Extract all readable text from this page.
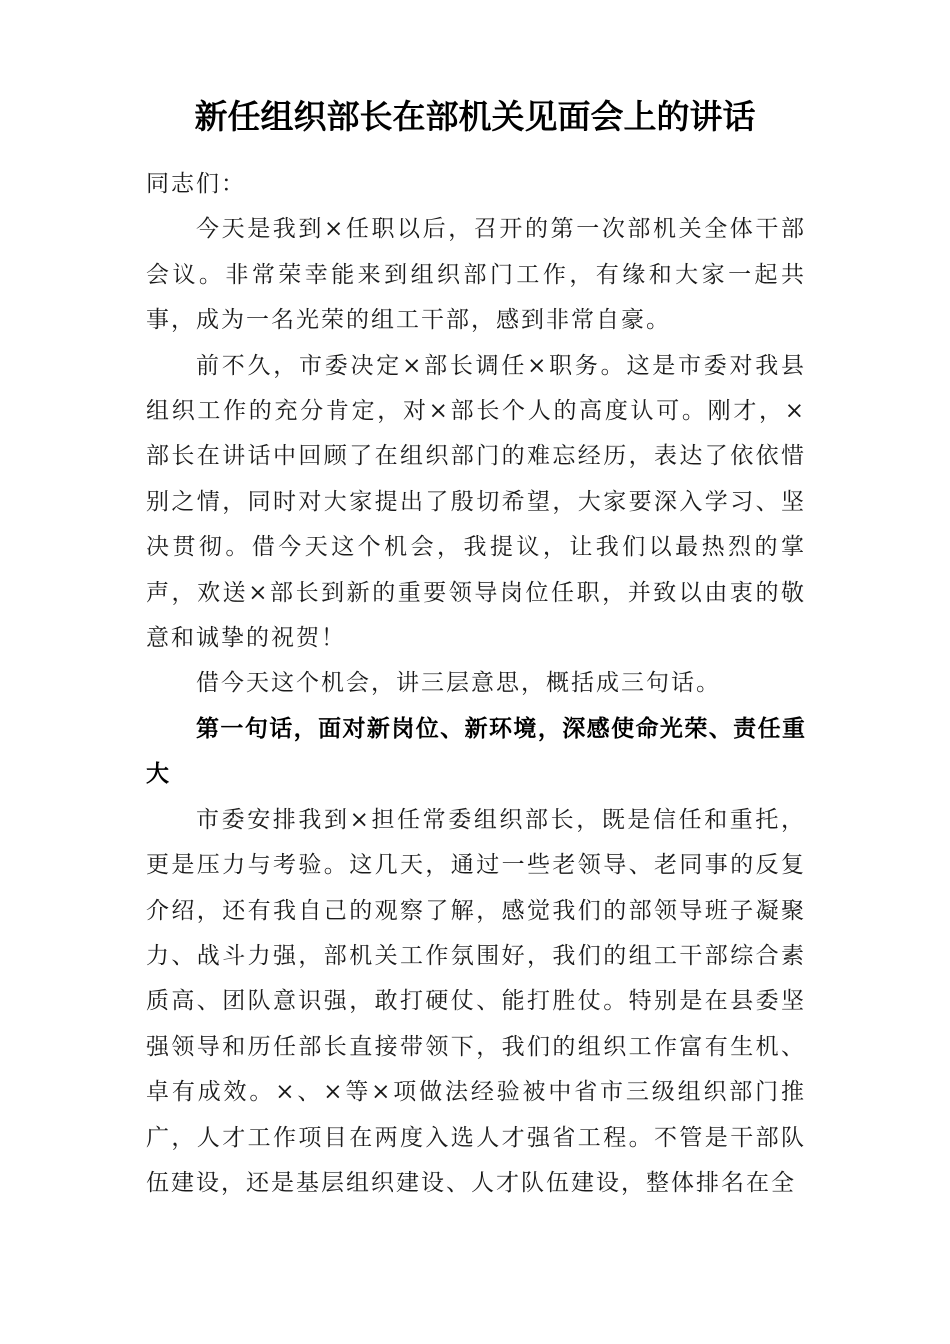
新任组织部长在部机关见面会上的讲话

同志们：

今天是我到×任职以后，召开的第一次部机关全体干部会议。非常荣幸能来到组织部门工作，有缘和大家一起共事，成为一名光荣的组工干部，感到非常自豪。

前不久，市委决定×部长调任×职务。这是市委对我县组织工作的充分肯定，对×部长个人的高度认可。刚才，×部长在讲话中回顾了在组织部门的难忘经历，表达了依依惜别之情，同时对大家提出了殷切希望，大家要深入学习、坚决贯彻。借今天这个机会，我提议，让我们以最热烈的掌声，欢送×部长到新的重要领导岗位任职，并致以由衷的敬意和诚挚的祝贺！

借今天这个机会，讲三层意思，概括成三句话。

第一句话，面对新岗位、新环境，深感使命光荣、责任重大

市委安排我到×担任常委组织部长，既是信任和重托，更是压力与考验。这几天，通过一些老领导、老同事的反复介绍，还有我自己的观察了解，感觉我们的部领导班子凝聚力、战斗力强，部机关工作氛围好，我们的组工干部综合素质高、团队意识强，敢打硬仗、能打胜仗。特别是在县委坚强领导和历任部长直接带领下，我们的组织工作富有生机、卓有成效。×、×等×项做法经验被中省市三级组织部门推广，人才工作项目在两度入选人才强省工程。不管是干部队伍建设，还是基层组织建设、人才队伍建设，整体排名在全
